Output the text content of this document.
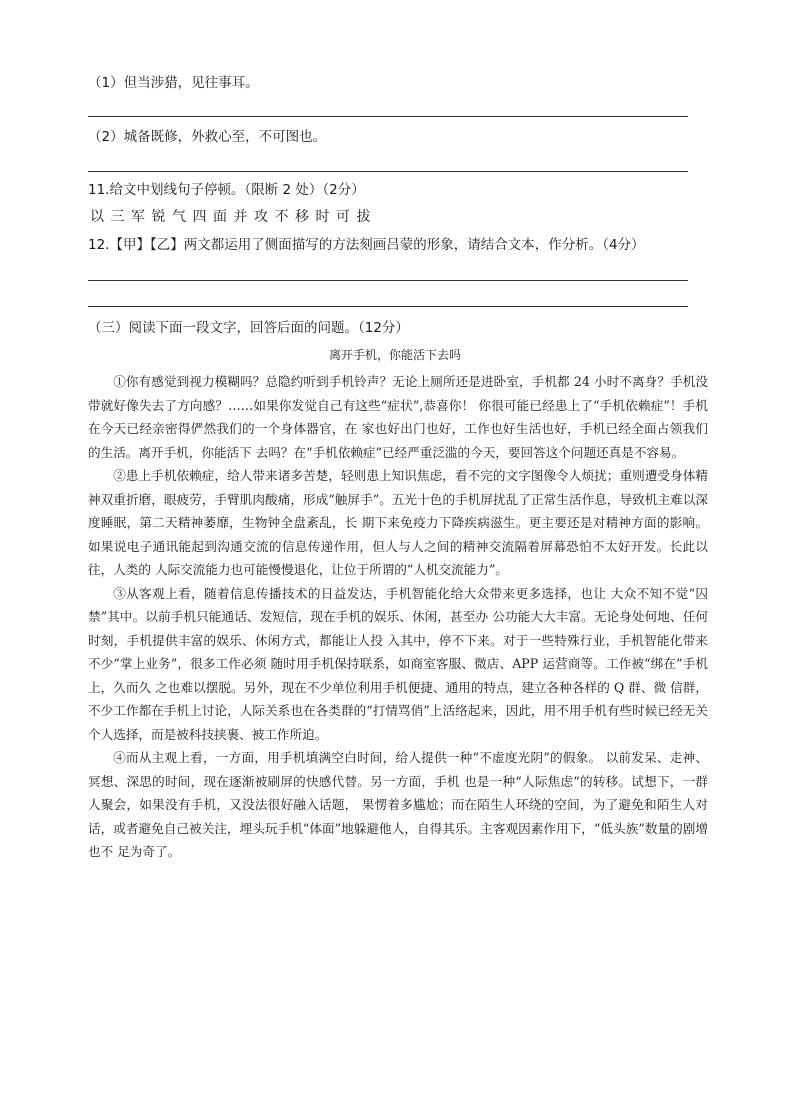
（1）但当涉猎，见往事耳。
（2）城备既修，外救心至，不可图也。
11.给文中划线句子停顿。（限断 2 处）（2分）
以三军锐气四面并攻不移时可拔
12.【甲】【乙】两文都运用了侧面描写的方法刻画吕蒙的形象，请结合文本，作分析。（4分）
（三）阅读下面一段文字，回答后面的问题。（12分）
离开手机，你能活下去吗

①你有感觉到视力模糊吗？总隐约听到手机铃声？无论上厕所还是进卧室，手机都 24 小时不离身？手机没带就好像失去了方向感？……如果你发觉自己有这些“症状”,恭喜你！ 你很可能已经患上了“手机依赖症”！手机在今天已经亲密得俨然我们的一个身体器官，在 家也好出门也好，工作也好生活也好，手机已经全面占领我们的生活。离开手机，你能活下 去吗？在“手机依赖症”已经严重泛滥的今天，要回答这个问题还真是不容易。

②患上手机依赖症，给人带来诸多苦楚，轻则患上知识焦虑，看不完的文字图像令人烦扰；重则遭受身体精神双重折磨，眼疲劳，手臂肌肉酸痛，形成“触屏手”。五光十色的手机屏扰乱了正常生活作息，导致机主难以深度睡眠，第二天精神萎靡，生物钟全盘紊乱，长 期下来免疫力下降疾病滋生。更主要还是对精神方面的影响。如果说电子通讯能起到沟通交流的信息传递作用，但人与人之间的精神交流隔着屏幕恐怕不太好开发。长此以往，人类的 人际交流能力也可能慢慢退化，让位于所谓的“人机交流能力”。

③从客观上看，随着信息传播技术的日益发达，手机智能化给大众带来更多选择，也让 大众不知不觉“囚禁”其中。以前手机只能通话、发短信，现在手机的娱乐、休闲，甚至办 公功能大大丰富。无论身处何地、任何时刻，手机提供丰富的娱乐、休闲方式，都能让人投 入其中，停不下来。对于一些特殊行业，手机智能化带来不少“掌上业务”，很多工作必须 随时用手机保持联系，如商室客服、微店、APP 运营商等。工作被“绑在”手机上，久而久 之也难以摆脱。另外，现在不少单位利用手机便捷、通用的特点，建立各种各样的 Q 群、微 信群，不少工作都在手机上讨论，人际关系也在各类群的“打情骂俏”上活络起来，因此，用不用手机有些时候已经无关个人选择，而是被科技挟裹、被工作所迫。

④而从主观上看，一方面，用手机填满空白时间，给人提供一种“不虚度光阴”的假象。 以前发呆、走神、冥想、深思的时间，现在逐渐被刷屏的快感代替。另一方面，手机 也是一种“人际焦虑”的转移。试想下，一群人聚会，如果没有手机，又没法很好融入话题， 果愣着多尴尬；而在陌生人环绕的空间，为了避免和陌生人对话，或者避免自己被关注，埋头玩手机“体面”地躲避他人，自得其乐。主客观因素作用下，“低头族”数量的剧增也不 足为奇了。
